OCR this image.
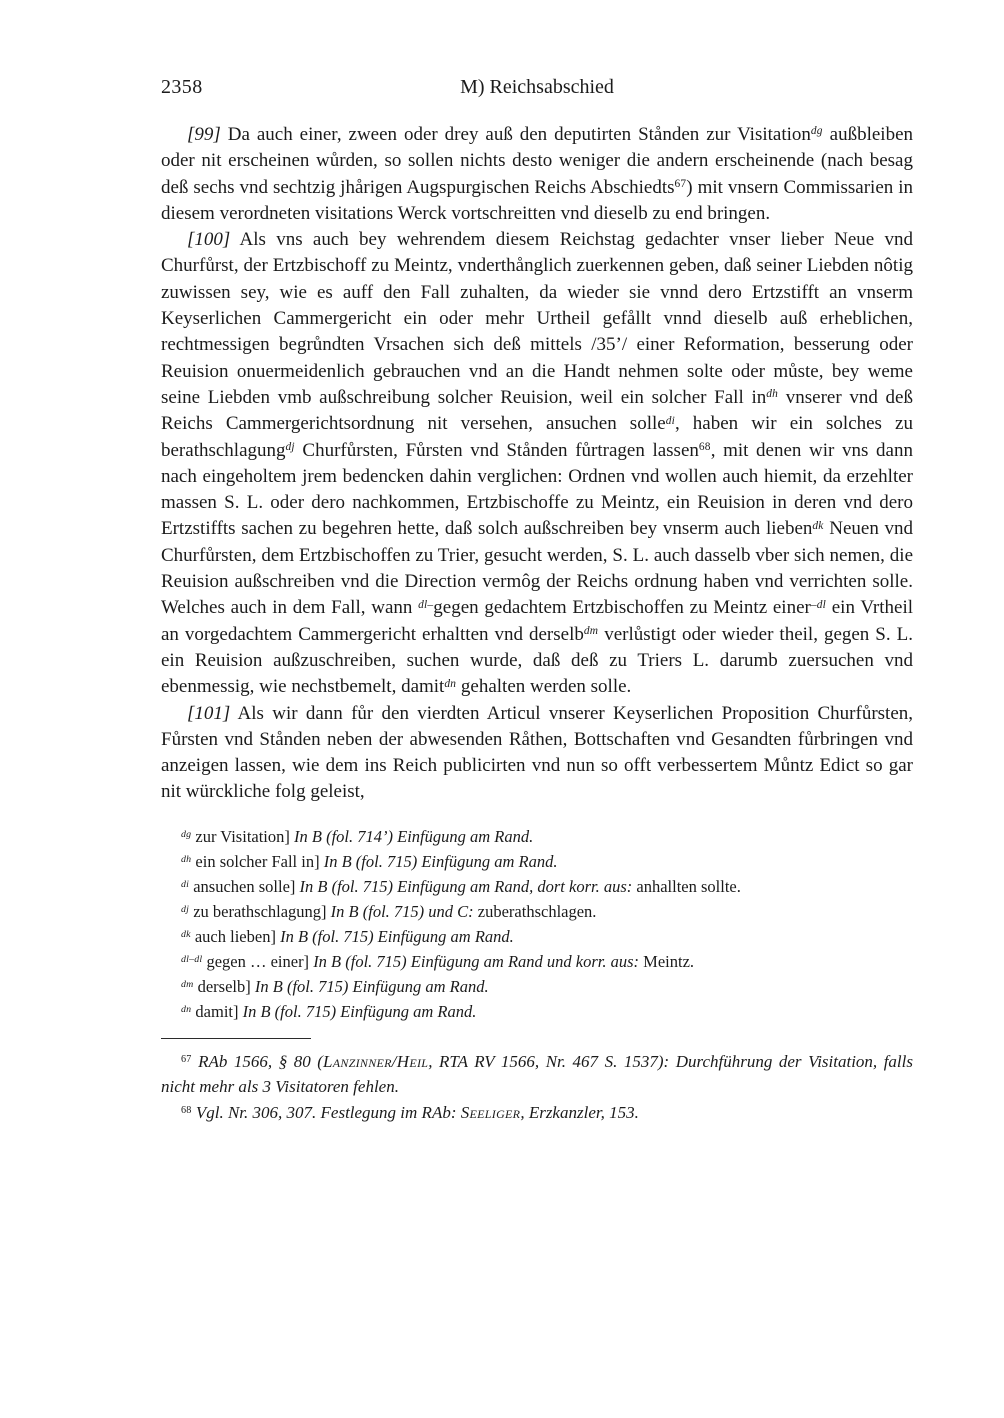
2358	M) Reichsabschied

[99] Da auch einer, zween oder drey auß den deputirten Stånden zur Visitation$^{dg}$ außbleiben oder nit erscheinen wůrden, so sollen nichts desto weniger die andern erscheinende (nach besag deß sechs vnd sechtzig jhårigen Augspurgischen Reichs Abschiedts$^{67}$) mit vnsern Commissarien in diesem verordneten visitations Werck vortschreitten vnd dieselb zu end bringen.

[100] Als vns auch bey wehrendem diesem Reichstag gedachter vnser lieber Neue vnd Churfůrst, der Ertzbischoff zu Meintz, vnderthånglich zuerkennen geben, daß seiner Liebden nôtig zuwissen sey, wie es auff den Fall zuhalten, da wieder sie vnnd dero Ertzstifft an vnserm Keyserlichen Cammergericht ein oder mehr Urtheil gefållt vnnd dieselb auß erheblichen, rechtmessigen begrůndten Vrsachen sich deß mittels /35’/ einer Reformation, besserung oder Reuision onuermeidenlich gebrauchen vnd an die Handt nehmen solte oder můste, bey weme seine Liebden vmb außschreibung solcher Reuision, weil ein solcher Fall $in^{dh}$ vnserer vnd deß Reichs Cammergerichtsordnung nit versehen, ansuchen solle$^{di}$, haben wir ein solches zu berathschlagung$^{dj}$ Churfůrsten, Fůrsten vnd Stånden fůrtragen lassen$^{68}$, mit denen wir vns dann nach eingeholtem jrem bedencken dahin verglichen: Ordnen vnd wollen auch hiemit, da erzehlter massen S. L. oder dero nachkommen, Ertzbischoffe zu Meintz, ein Reuision in deren vnd dero Ertzstiffts sachen zu begehren hette, daß solch außschreiben bey vnserm auch lieben$^{dk}$ Neuen vnd Churfůrsten, dem Ertzbischoffen zu Trier, gesucht werden, S. L. auch dasselb vber sich nemen, die Reuision außschreiben vnd die Direction vermôg der Reichs ordnung haben vnd verrichten solle. Welches auch in dem Fall, wann $^{dl-}$gegen gedachtem Ertzbischoffen zu Meintz einer$^{-dl}$ ein Vrtheil an vorgedachtem Cammergericht erhaltten vnd derselb$^{dm}$ verlůstigt oder wieder theil, gegen S. L. ein Reuision außzuschreiben, suchen wurde, daß deß zu Triers L. darumb zuersuchen vnd ebenmessig, wie nechstbemelt, damit$^{dn}$ gehalten werden solle.

[101] Als wir dann fůr den vierdten Articul vnserer Keyserlichen Proposition Churfůrsten, Fůrsten vnd Stånden neben der abwesenden Råthen, Bottschaften vnd Gesandten fůrbringen vnd anzeigen lassen, wie dem ins Reich publicirten vnd nun so offt verbessertem Můntz Edict so gar nit würckliche folg geleist,

$^{dg}$ zur Visitation] In B (fol. 714’) Einfügung am Rand.
$^{dh}$ ein solcher Fall in] In B (fol. 715) Einfügung am Rand.
$^{di}$ ansuchen solle] In B (fol. 715) Einfügung am Rand, dort korr. aus: anhallten sollte.
$^{dj}$ zu berathschlagung] In B (fol. 715) und C: zuberathschlagen.
$^{dk}$ auch lieben] In B (fol. 715) Einfügung am Rand.
$^{dl-dl}$ gegen … einer] In B (fol. 715) Einfügung am Rand und korr. aus: Meintz.
$^{dm}$ derselb] In B (fol. 715) Einfügung am Rand.
$^{dn}$ damit] In B (fol. 715) Einfügung am Rand.

$^{67}$ RAb 1566, § 80 (Lanzinner/Heil, RTA RV 1566, Nr. 467 S. 1537): Durchführung der Visitation, falls nicht mehr als 3 Visitatoren fehlen.

$^{68}$ Vgl. Nr. 306, 307. Festlegung im RAb: Seeliger, Erzkanzler, 153.
